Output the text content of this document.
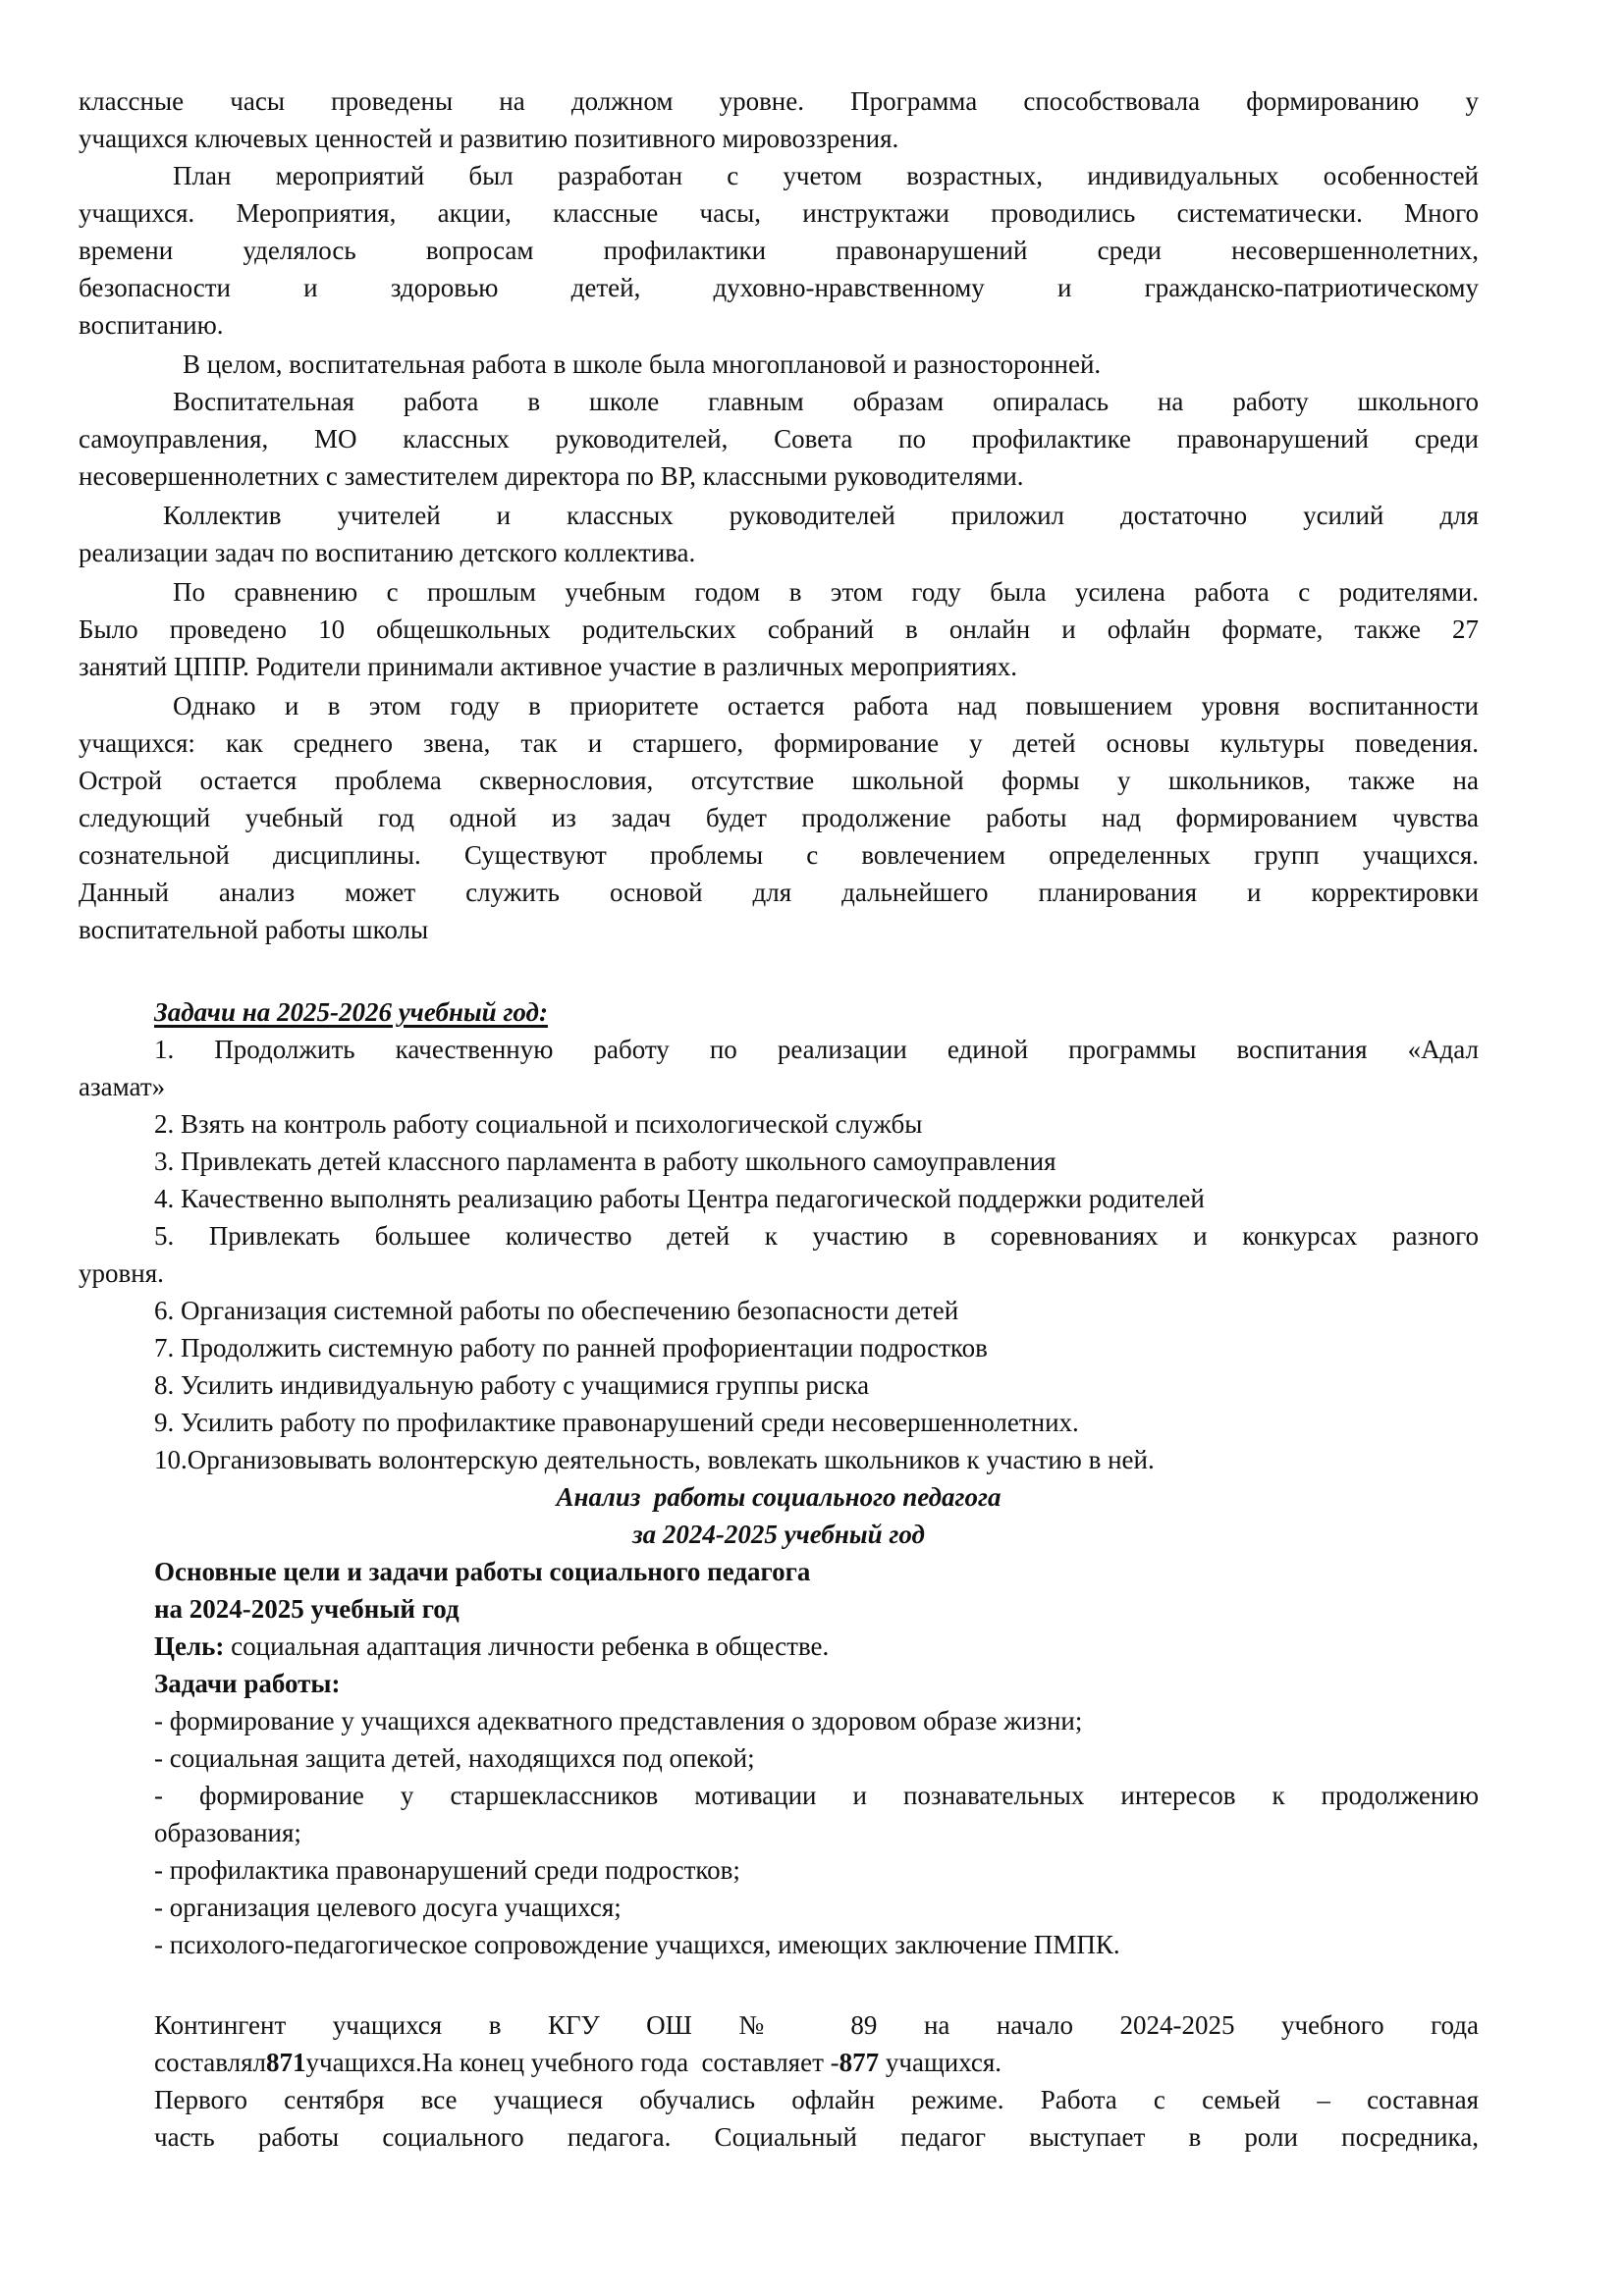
классные часы проведены на должном уровне. Программа способствовала формированию у
учащихся ключевых ценностей и развитию позитивного мировоззрения.
План мероприятий был разработан с учетом возрастных, индивидуальных особенностей
учащихся. Мероприятия, акции, классные часы, инструктажи проводились систематически. Много
времени уделялось вопросам профилактики правонарушений среди несовершеннолетних,
безопасности и здоровью детей, духовно-нравственному и гражданско-патриотическому
воспитанию.
В целом, воспитательная работа в школе была многоплановой и разносторонней.
Воспитательная работа в школе главным образам опиралась на работу школьного
самоуправления, МО классных руководителей, Совета по профилактике правонарушений среди
несовершеннолетних с заместителем директора по ВР, классными руководителями.
Коллектив учителей и классных руководителей приложил достаточно усилий для
реализации задач по воспитанию детского коллектива.
По сравнению с прошлым учебным годом в этом году была усилена работа с родителями.
Было проведено 10 общешкольных родительских собраний в онлайн и офлайн формате, также 27
занятий ЦППР. Родители принимали активное участие в различных мероприятиях.
Однако и в этом году в приоритете остается работа над повышением уровня воспитанности
учащихся: как среднего звена, так и старшего, формирование у детей основы культуры поведения.
Острой остается проблема сквернословия, отсутствие школьной формы у школьников, также на
следующий учебный год одной из задач будет продолжение работы над формированием чувства
сознательной дисциплины. Существуют проблемы с вовлечением определенных групп учащихся.
Данный анализ может служить основой для дальнейшего планирования и корректировки
воспитательной работы школы
Задачи на 2025-2026 учебный год:
1. Продолжить качественную работу по реализации единой программы воспитания «Адал
азамат»
2. Взять на контроль работу социальной и психологической службы
3. Привлекать детей классного парламента в работу школьного самоуправления
4. Качественно выполнять реализацию работы Центра педагогической поддержки родителей
5. Привлекать большее количество детей к участию в соревнованиях и конкурсах разного
уровня.
6. Организация системной работы по обеспечению безопасности детей
7. Продолжить системную работу по ранней профориентации подростков
8. Усилить индивидуальную работу с учащимися группы риска
9. Усилить работу по профилактике правонарушений среди несовершеннолетних.
10.Организовывать волонтерскую деятельность, вовлекать школьников к участию в ней.
Анализ  работы социального педагога
за 2024-2025 учебный год
Основные цели и задачи работы социального педагога
на 2024-2025 учебный год
Цель: социальная адаптация личности ребенка в обществе.
Задачи работы:
- формирование у учащихся адекватного представления о здоровом образе жизни;
- социальная защита детей, находящихся под опекой;
- формирование у старшеклассников мотивации и познавательных интересов к продолжению
образования;
- профилактика правонарушений среди подростков;
- организация целевого досуга учащихся;
- психолого-педагогическое сопровождение учащихся, имеющих заключение ПМПК.
Контингент учащихся в КГУ ОШ № 89 на начало 2024-2025 учебного года
составлял871учащихся.На конец учебного года  составляет -877 учащихся.
Первого сентября все учащиеся обучались офлайн режиме. Работа с семьей – составная
часть работы социального педагога. Социальный педагог выступает в роли посредника,
